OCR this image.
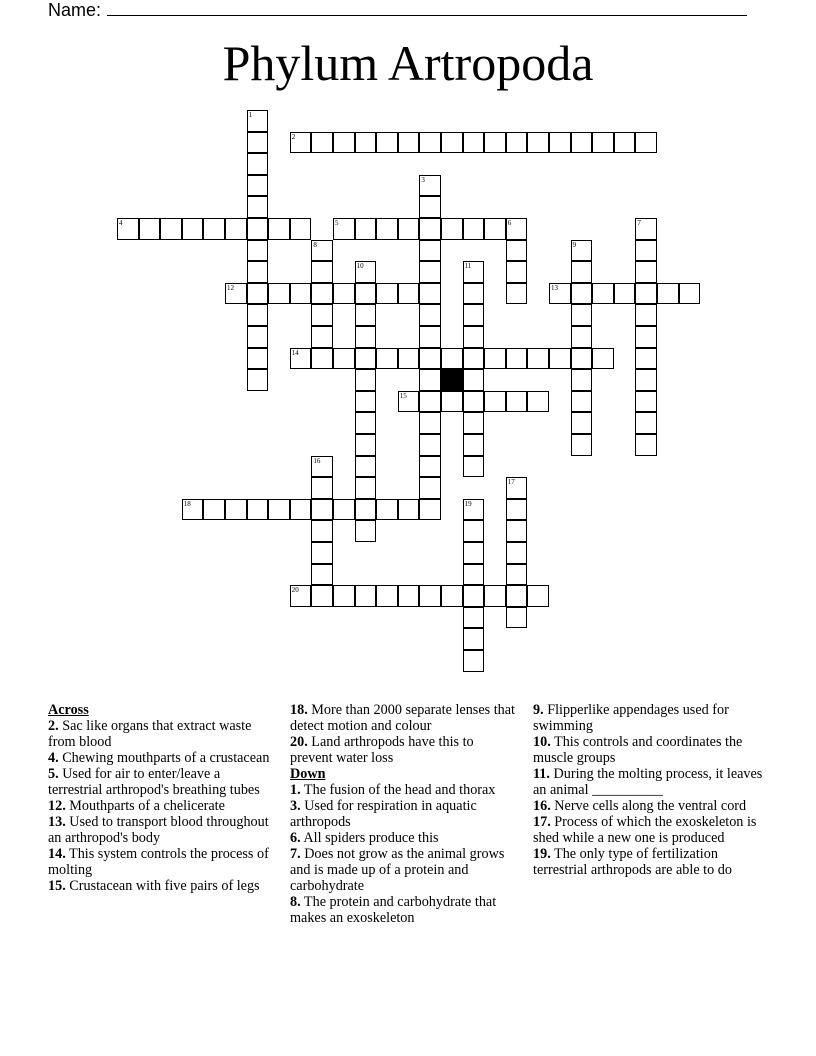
Name:
Phylum Artropoda
1
2
3
4	5	6	7
8	9
10	11
12	13
14
15
16
17
18	19
20
Across
2. Sac like organs that extract waste from blood
4. Chewing mouthparts of a crustacean
5. Used for air to enter/leave a terrestrial arthropod's breathing tubes
12. Mouthparts of a chelicerate
13. Used to transport blood throughout an arthropod's body
14. This system controls the process of molting
15. Crustacean with five pairs of legs
18. More than 2000 separate lenses that detect motion and colour
20. Land arthropods have this to prevent water loss
Down
1. The fusion of the head and thorax
3. Used for respiration in aquatic arthropods
6. All spiders produce this
7. Does not grow as the animal grows and is made up of a protein and carbohydrate
8. The protein and carbohydrate that makes an exoskeleton
9. Flipperlike appendages used for swimming
10. This controls and coordinates the muscle groups
11. During the molting process, it leaves an animal __________
16. Nerve cells along the ventral cord
17. Process of which the exoskeleton is shed while a new one is produced
19. The only type of fertilization terrestrial arthropods are able to do
